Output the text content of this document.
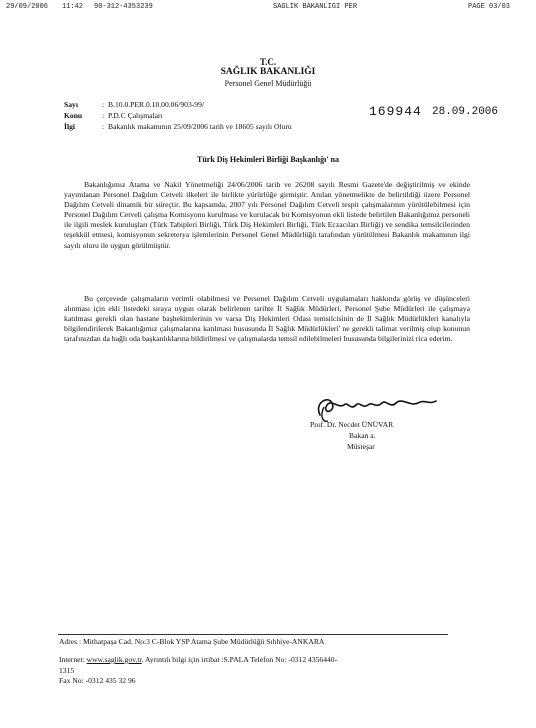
29/09/2006 11:42 90-312-4353239	SAGLIK BAKANLIGI PER	PAGE 03/03
T.C.
SAĞLIK BAKANLIĞI
Personel Genel Müdürlüğü
Sayı	: B.10.0.PER.0.10.00.06/903-99/
Konu	: P.D.C Çalışmaları
İlgi	: Bakanlık makamının 25/09/2006 tarih ve 18605 sayılı Oluru
169944 28.09.2006
Türk Diş Hekimleri Birliği Başkanlığı' na
Bakanlığımız Atama ve Nakil Yönetmeliği 24/06/2006 tarih ve 26208 sayılı Resmi Gazete'de değiştirilmiş ve ekinde yayımlanan Personel Dağılım Cetveli ilkeleri ile birlikte yürürlüğe girmiştir. Anılan yönetmelikte de belirtildiği üzere Personel Dağılım Cetveli dinamik bir süreçtir. Bu kapsamda, 2007 yılı Personel Dağılım Cetveli tespit çalışmalarının yürütülebilmesi için Personel Dağılım Cetveli çalışma Komisyonu kurulması ve kurulacak bu Komisyonun ekli listede belirtilen Bakanlığımız personeli ile ilgili meslek kuruluşları (Türk Tabipleri Birliği, Türk Diş Hekimleri Birliği, Türk Eczacıları Birliği) ve sendika temsilcilerinden teşekkül etmesi, komisyonun sekreterya işlemlerinin Personel Genel Müdürlüğü tarafından yürütülmesi Bakanlık makamının ilgi sayılı oluru ile uygun görülmüştür.
Bu çerçevede çalışmaların verimli olabilmesi ve Personel Dağılım Cetveli uygulamaları hakkında görüş ve düşünceleri alınması için ekli listedeki sıraya uygun olarak belirlenen tarihte İl Sağlık Müdürleri, Personel Şube Müdürleri ile çalışmaya katılması gerekli olan hastane başhekimlerinin ve varsa Diş Hekimleri Odası temsilcisinin de İl Sağlık Müdürlükleri kanalıyla bilgilendirilerek Bakanlığımız çalışmalarına katılması hususunda İl Sağlık Müdürlükleri' ne gerekli talimat verilmiş olup konunun tarafınızdan da bağlı oda başkanlıklarına bildirilmesi ve çalışmalarda temsil edilebilmeleri hususunda bilgilerinizi rica ederim.
Prof. Dr. Necdet ÜNÜVAR
Bakan a.
Müsteşar
Adres : Mithatpaşa Cad. No:3 C-Blok YSP Atama Şube Müdürlüğü Sıhhiye-ANKARA
Internet: www.saglik.gov.tr. Ayrıntılı bilgi için irtibat :S.PALA Telefon No: -0312 4356440-
1315
Fax No: -0312 435 32 96
